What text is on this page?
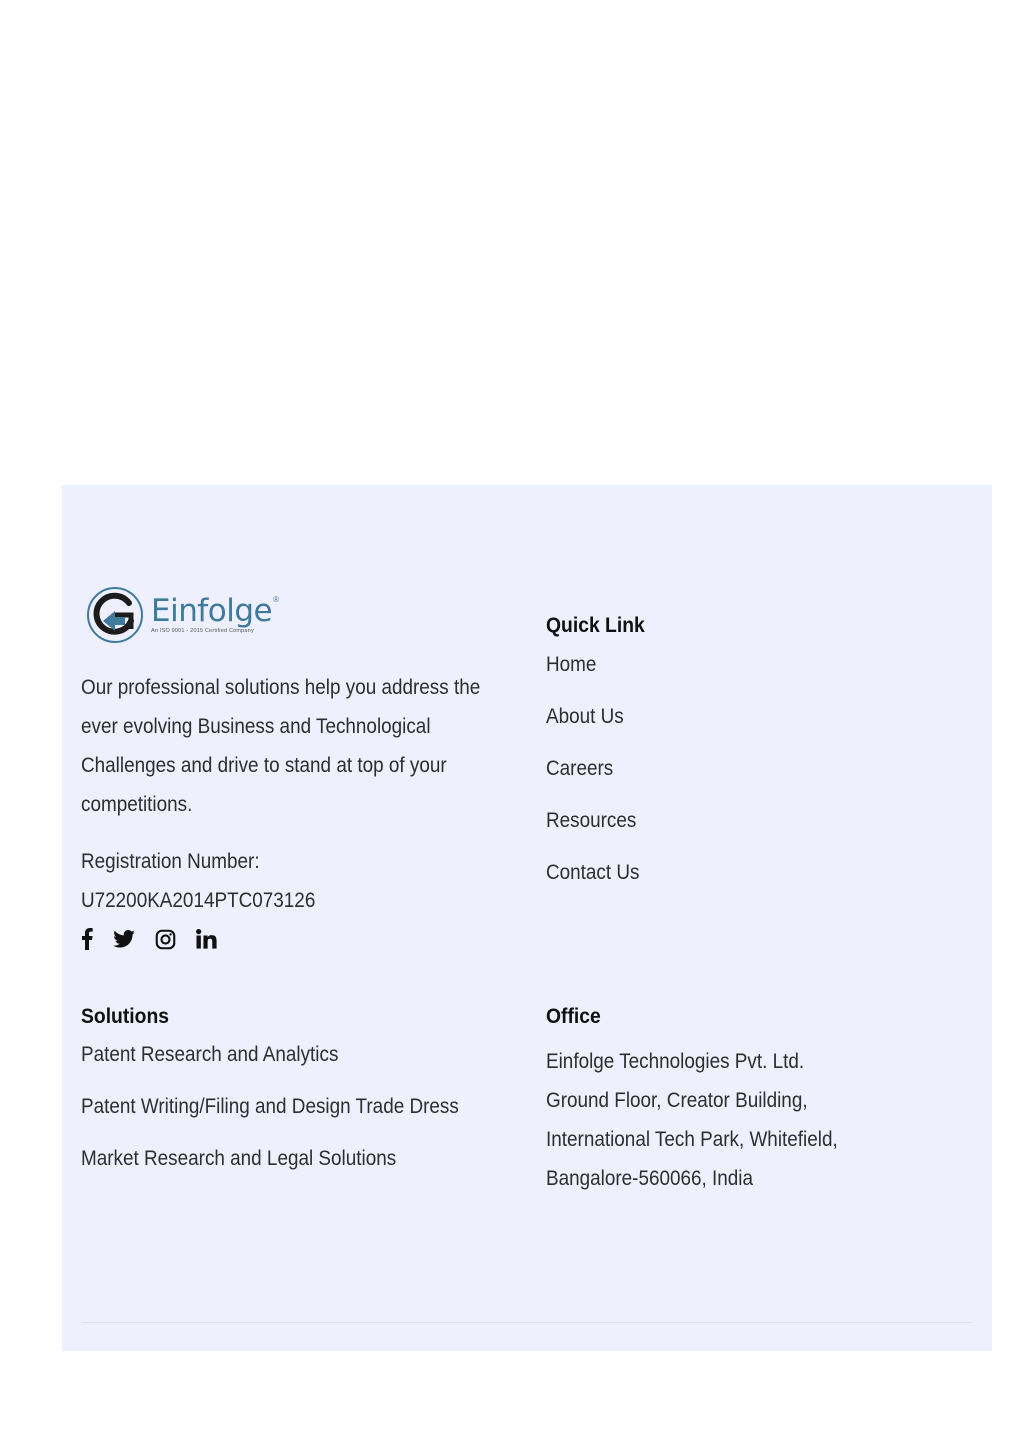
Einfolge®
An ISO 9001 - 2015 Certified Company
Our professional solutions help you address the
ever evolving Business and Technological
Challenges and drive to stand at top of your
competitions.
Registration Number:
U72200KA2014PTC073126
Quick Link
Home
About Us
Careers
Resources
Contact Us
Solutions
Patent Research and Analytics
Patent Writing/Filing and Design Trade Dress
Market Research and Legal Solutions
Office
Einfolge Technologies Pvt. Ltd.
Ground Floor, Creator Building,
International Tech Park, Whitefield,
Bangalore-560066, India
